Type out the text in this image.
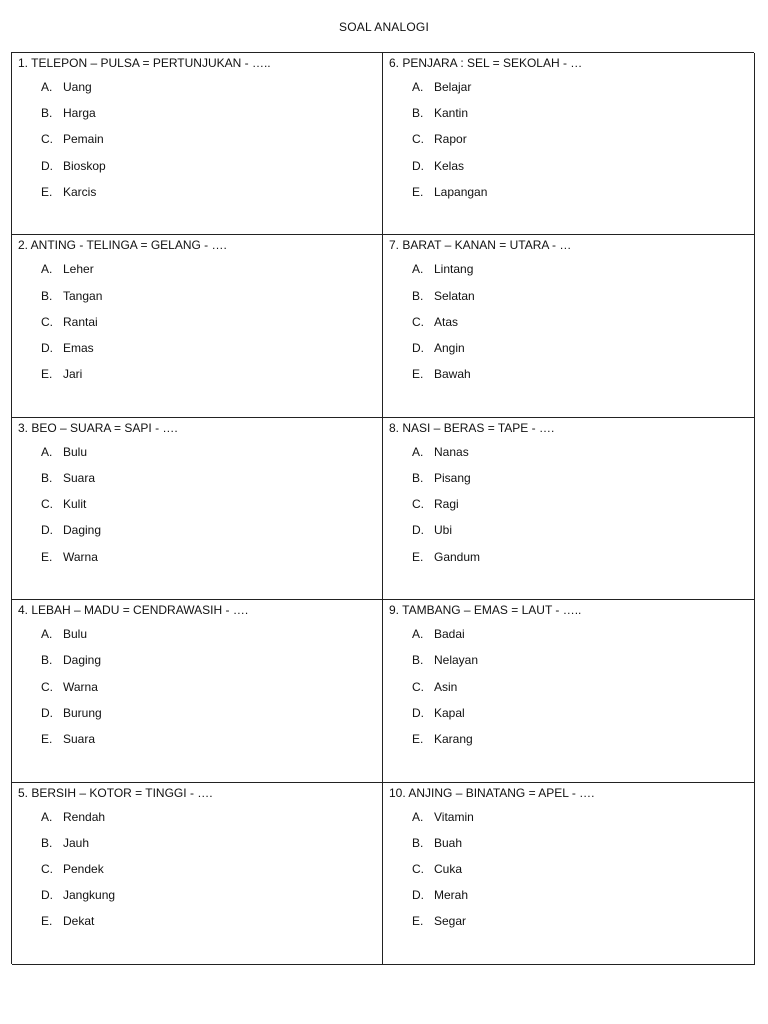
SOAL ANALOGI
1. TELEPON – PULSA = PERTUNJUKAN - …..
A. Uang
B. Harga
C. Pemain
D. Bioskop
E. Karcis
6. PENJARA : SEL = SEKOLAH - …
A. Belajar
B. Kantin
C. Rapor
D. Kelas
E. Lapangan
2. ANTING - TELINGA = GELANG - ….
A. Leher
B. Tangan
C. Rantai
D. Emas
E. Jari
7. BARAT – KANAN = UTARA - …
A. Lintang
B. Selatan
C. Atas
D. Angin
E. Bawah
3. BEO – SUARA = SAPI - ….
A. Bulu
B. Suara
C. Kulit
D. Daging
E. Warna
8. NASI – BERAS = TAPE - ….
A. Nanas
B. Pisang
C. Ragi
D. Ubi
E. Gandum
4. LEBAH – MADU = CENDRAWASIH - ….
A. Bulu
B. Daging
C. Warna
D. Burung
E. Suara
9. TAMBANG – EMAS = LAUT - …..
A. Badai
B. Nelayan
C. Asin
D. Kapal
E. Karang
5. BERSIH – KOTOR = TINGGI - ….
A. Rendah
B. Jauh
C. Pendek
D. Jangkung
E. Dekat
10. ANJING – BINATANG = APEL - ….
A. Vitamin
B. Buah
C. Cuka
D. Merah
E. Segar
